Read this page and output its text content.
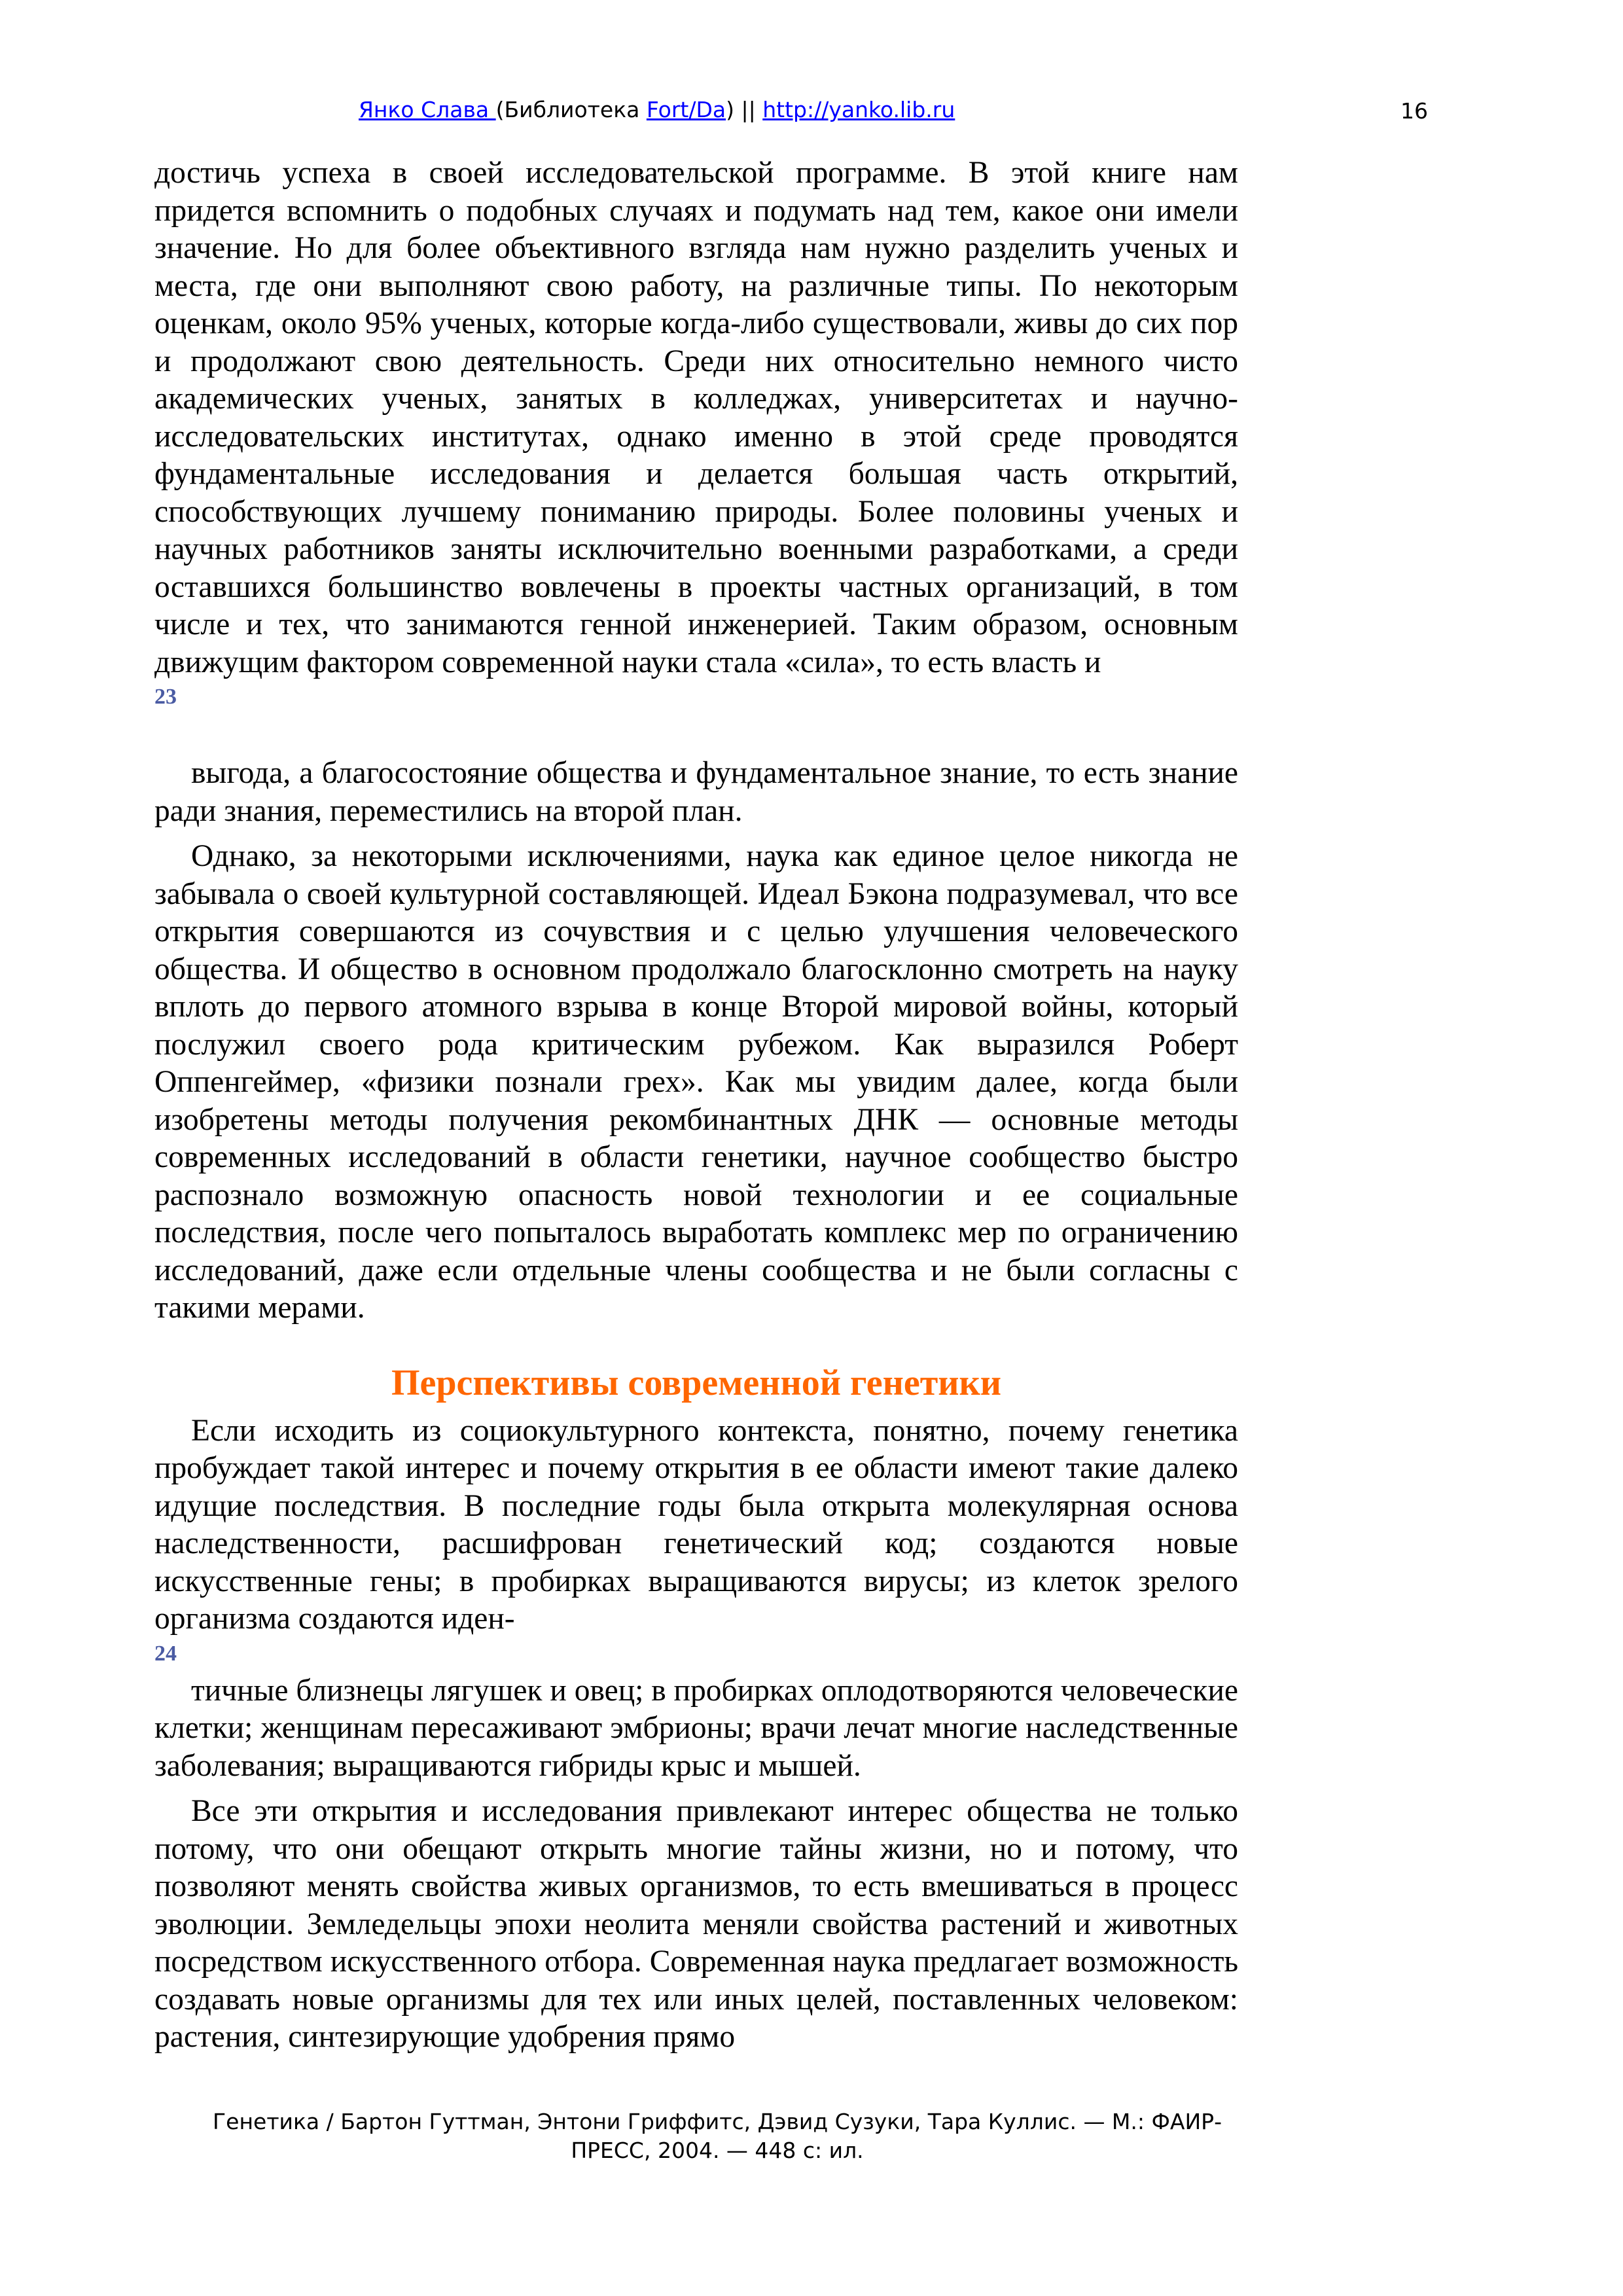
Янко Слава (Библиотека Fort/Da) || http://yanko.lib.ru	16

достичь успеха в своей исследовательской программе. В этой книге нам придется вспомнить о подобных случаях и подумать над тем, какое они имели значение. Но для более объективного взгляда нам нужно разделить ученых и места, где они выполняют свою работу, на различные типы. По некоторым оценкам, около 95% ученых, которые когда-либо существовали, живы до сих пор и продолжают свою деятельность. Среди них относительно немного чисто академических ученых, занятых в колледжах, университетах и научно-исследовательских институтах, однако именно в этой среде проводятся фундаментальные исследования и делается большая часть открытий, способствующих лучшему пониманию природы. Более половины ученых и научных работников заняты исключительно военными разработками, а среди оставшихся большинство вовлечены в проекты частных организаций, в том числе и тех, что занимаются генной инженерией. Таким образом, основным движущим фактором современной науки стала «сила», то есть власть и

23

выгода, а благосостояние общества и фундаментальное знание, то есть знание ради знания, переместились на второй план.

Однако, за некоторыми исключениями, наука как единое целое никогда не забывала о своей культурной составляющей. Идеал Бэкона подразумевал, что все открытия совершаются из сочувствия и с целью улучшения человеческого общества. И общество в основном продолжало благосклонно смотреть на науку вплоть до первого атомного взрыва в конце Второй мировой войны, который послужил своего рода критическим рубежом. Как выразился Роберт Оппенгеймер, «физики познали грех». Как мы увидим далее, когда были изобретены методы получения рекомбинантных ДНК — основные методы современных исследований в области генетики, научное сообщество быстро распознало возможную опасность новой технологии и ее социальные последствия, после чего попыталось выработать комплекс мер по ограничению исследований, даже если отдельные члены сообщества и не были согласны с такими мерами.

Перспективы современной генетики

Если исходить из социокультурного контекста, понятно, почему генетика пробуждает такой интерес и почему открытия в ее области имеют такие далеко идущие последствия. В последние годы была открыта молекулярная основа наследственности, расшифрован генетический код; создаются новые искусственные гены; в пробирках выращиваются вирусы; из клеток зрелого организма создаются иден-

24

тичные близнецы лягушек и овец; в пробирках оплодотворяются человеческие клетки; женщинам пересаживают эмбрионы; врачи лечат многие наследственные заболевания; выращиваются гибриды крыс и мышей.

Все эти открытия и исследования привлекают интерес общества не только потому, что они обещают открыть многие тайны жизни, но и потому, что позволяют менять свойства живых организмов, то есть вмешиваться в процесс эволюции. Земледельцы эпохи неолита меняли свойства растений и животных посредством искусственного отбора. Современная наука предлагает возможность создавать новые организмы для тех или иных целей, поставленных человеком: растения, синтезирующие удобрения прямо

Генетика / Бартон Гуттман, Энтони Гриффитс, Дэвид Сузуки, Тара Куллис. — М.: ФАИР-
ПРЕСС, 2004. — 448 с: ил.
